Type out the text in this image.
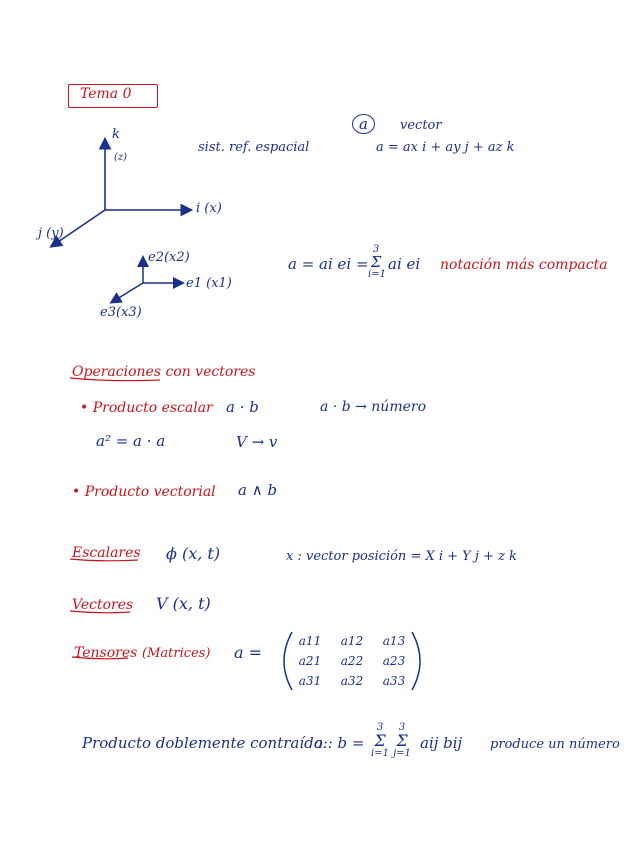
Tema 0
k
(z)
i (x)
j (y)
sist. ref. espacial
e2(x2)
e1 (x1)
e3(x3)
a	vector
a = ax i + ay j + az k
a = ai ei =
3
Σ
i=1
ai ei notación más compacta
Operaciones con vectores
• Producto escalar a · b	a · b → número
a² = a · a	V → v
• Producto vectorial a ∧ b
Escalares ϕ (x, t)	x : vector posición = X i + Y j + z k
Vectores V (x, t)
Tensores (Matrices) a =
a11	a12	a13
a21	a22	a23
a31	a32	a33
Producto doblemente contraído:
a : b =
3
Σ
i=1
3
Σ
j=1
aij bij produce un número
